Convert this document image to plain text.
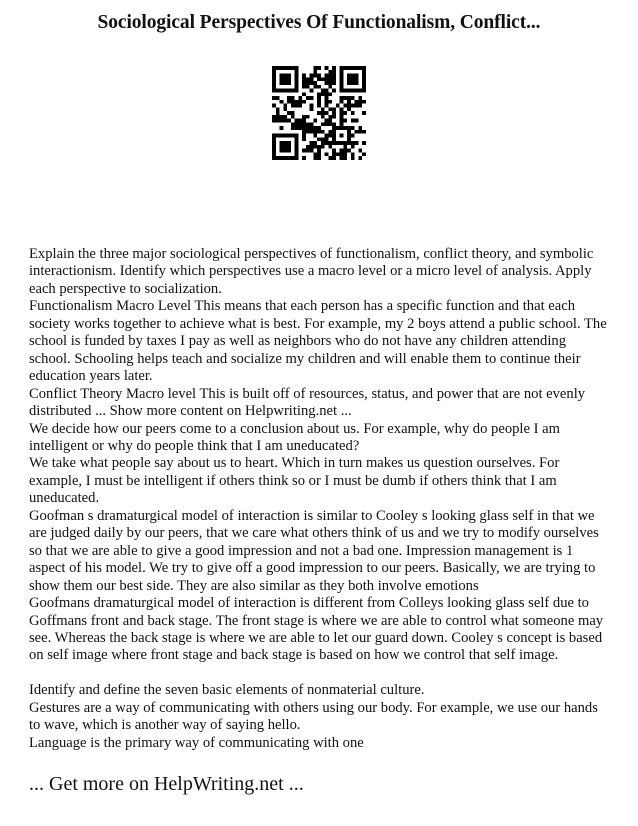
Sociological Perspectives Of Functionalism, Conflict...

Explain the three major sociological perspectives of functionalism, conflict theory, and symbolic interactionism. Identify which perspectives use a macro level or a micro level of analysis. Apply each perspective to socialization.

Functionalism Macro Level This means that each person has a specific function and that each society works together to achieve what is best. For example, my 2 boys attend a public school. The school is funded by taxes I pay as well as neighbors who do not have any children attending school. Schooling helps teach and socialize my children and will enable them to continue their education years later.

Conflict Theory Macro level This is built off of resources, status, and power that are not evenly distributed ... Show more content on Helpwriting.net ...

We decide how our peers come to a conclusion about us. For example, why do people I am intelligent or why do people think that I am uneducated?

We take what people say about us to heart. Which in turn makes us question ourselves. For example, I must be intelligent if others think so or I must be dumb if others think that I am uneducated.

Goofman s dramaturgical model of interaction is similar to Cooley s looking glass self in that we are judged daily by our peers, that we care what others think of us and we try to modify ourselves so that we are able to give a good impression and not a bad one. Impression management is 1 aspect of his model. We try to give off a good impression to our peers. Basically, we are trying to show them our best side. They are also similar as they both involve emotions

Goofmans dramaturgical model of interaction is different from Colleys looking glass self due to Goffmans front and back stage. The front stage is where we are able to control what someone may see. Whereas the back stage is where we are able to let our guard down. Cooley s concept is based on self image where front stage and back stage is based on how we control that self image.

Identify and define the seven basic elements of nonmaterial culture.

Gestures are a way of communicating with others using our body. For example, we use our hands to wave, which is another way of saying hello.

Language is the primary way of communicating with one

... Get more on HelpWriting.net ...
